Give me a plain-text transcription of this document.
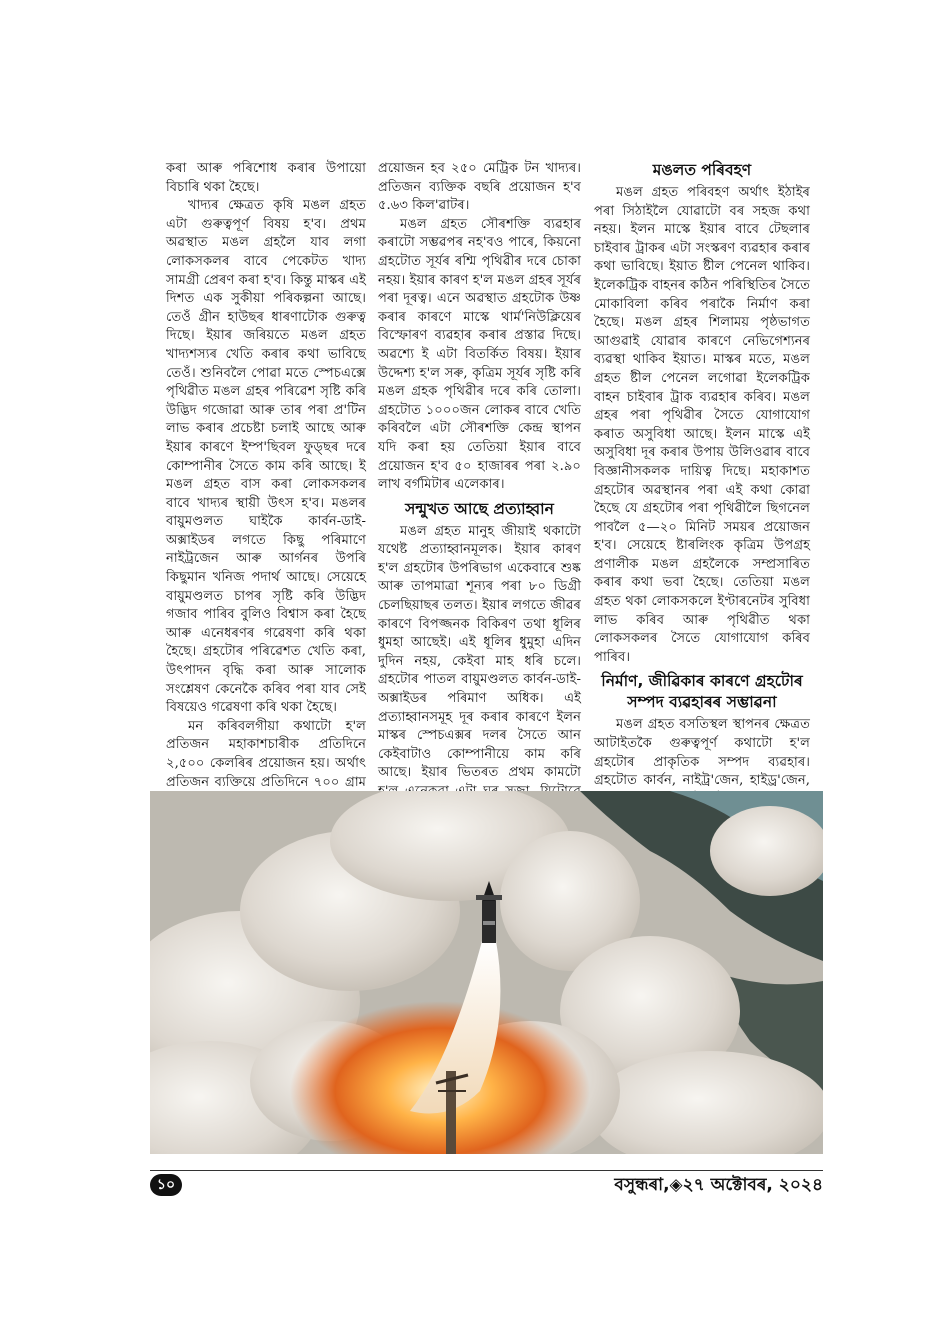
কৰা আৰু পৰিশোধ কৰাৰ উপায়ো বিচাৰি থকা হৈছে।

খাদ্যৰ ক্ষেত্ৰত কৃষি মঙল গ্ৰহত এটা গুৰুত্বপূৰ্ণ বিষয় হ'ব। প্ৰথম অৱস্থাত মঙল গ্ৰহলৈ যাব লগা লোকসকলৰ বাবে পেকেটত খাদ্য সামগ্ৰী প্ৰেৰণ কৰা হ'ব। কিন্তু মাস্কৰ এই দিশত এক সুকীয়া পৰিকল্পনা আছে। তেওঁ গ্ৰীন হাউছৰ ধাৰণাটোক গুৰুত্ব দিছে। ইয়াৰ জৰিয়তে মঙল গ্ৰহত খাদ্যশস্যৰ খেতি কৰাৰ কথা ভাবিছে তেওঁ। শুনিবলৈ পোৱা মতে স্পেচএক্সে পৃথিৱীত মঙল গ্ৰহৰ পৰিৱেশ সৃষ্টি কৰি উদ্ভিদ গজোৱা আৰু তাৰ পৰা প্ৰ'টিন লাভ কৰাৰ প্ৰচেষ্টা চলাই আছে আৰু ইয়াৰ কাৰণে ইম্প'ছিবল ফুড্ছৰ দৰে কোম্পানীৰ সৈতে কাম কৰি আছে। ই মঙল গ্ৰহত বাস কৰা লোকসকলৰ বাবে খাদ্যৰ স্থায়ী উৎস হ'ব। মঙলৰ বায়ুমণ্ডলত ঘাইকৈ কাৰ্বন-ডাই-অক্সাইডৰ লগতে কিছু পৰিমাণে নাইট্ৰজেন আৰু আৰ্গনৰ উপৰি কিছুমান খনিজ পদাৰ্থ আছে। সেয়েহে বায়ুমণ্ডলত চাপৰ সৃষ্টি কৰি উদ্ভিদ গজাব পাৰিব বুলিও বিশ্বাস কৰা হৈছে আৰু এনেধৰণৰ গৱেষণা কৰি থকা হৈছে। গ্ৰহটোৰ পৰিৱেশত খেতি কৰা, উৎপাদন বৃদ্ধি কৰা আৰু সালোক সংশ্লেষণ কেনেকৈ কৰিব পৰা যাব সেই বিষয়েও গৱেষণা কৰি থকা হৈছে।

মন কৰিবলগীয়া কথাটো হ'ল প্ৰতিজন মহাকাশচাৰীক প্ৰতিদিনে ২,৫০০ কেলৰিৰ প্ৰয়োজন হয়। অৰ্থাৎ প্ৰতিজন ব্যক্তিয়ে প্ৰতিদিনে ৭০০ গ্ৰাম

প্ৰয়োজন হব ২৫০ মেট্ৰিক টন খাদ্যৰ। প্ৰতিজন ব্যক্তিক বছৰি প্ৰয়োজন হ'ব ৫.৬৩ কিল'ৱাটৰ।

মঙল গ্ৰহত সৌৰশক্তি ব্যৱহাৰ কৰাটো সম্ভৱপৰ নহ'বও পাৰে, কিয়নো গ্ৰহটোত সূৰ্যৰ ৰশ্মি পৃথিৱীৰ দৰে চোকা নহয়। ইয়াৰ কাৰণ হ'ল মঙল গ্ৰহৰ সূৰ্যৰ পৰা দূৰত্ব। এনে অৱস্থাত গ্ৰহটোক উষ্ণ কৰাৰ কাৰণে মাস্কে থাৰ্ম'নিউক্লিয়েৰ বিস্ফোৰণ ব্যৱহাৰ কৰাৰ প্ৰস্তাৱ দিছে। অৱশ্যে ই এটা বিতৰ্কিত বিষয়। ইয়াৰ উদ্দেশ্য হ'ল সৰু, কৃত্ৰিম সূৰ্যৰ সৃষ্টি কৰি মঙল গ্ৰহক পৃথিৱীৰ দৰে কৰি তোলা। গ্ৰহটোত ১০০০জন লোকৰ বাবে খেতি কৰিবলৈ এটা সৌৰশক্তি কেন্দ্ৰ স্থাপন যদি কৰা হয় তেতিয়া ইয়াৰ বাবে প্ৰয়োজন হ'ব ৫০ হাজাৰৰ পৰা ২.৯০ লাখ বৰ্গমিটাৰ এলেকাৰ।

সন্মুখত আছে প্ৰত্যাহ্বান

মঙল গ্ৰহত মানুহ জীয়াই থকাটো যথেষ্ট প্ৰত্যাহ্বানমূলক। ইয়াৰ কাৰণ হ'ল গ্ৰহটোৰ উপৰিভাগ একেবাৰে শুষ্ক আৰু তাপমাত্ৰা শূন্যৰ পৰা ৮০ ডিগ্ৰী চেলছিয়াছৰ তলত। ইয়াৰ লগতে জীৱৰ কাৰণে বিপজ্জনক বিকিৰণ তথা ধূলিৰ ধুমহা আছেই। এই ধূলিৰ ধুমুহা এদিন দুদিন নহয়, কেইবা মাহ ধৰি চলে। গ্ৰহটোৰ পাতল বায়ুমণ্ডলত কাৰ্বন-ডাই-অক্সাইডৰ পৰিমাণ অধিক। এই প্ৰত্যাহ্বানসমূহ দূৰ কৰাৰ কাৰণে ইলন মাস্কৰ স্পেচএক্সৰ দলৰ সৈতে আন কেইবাটাও কোম্পানীয়ে কাম কৰি আছে। ইয়াৰ ভিতৰত প্ৰথম কামটো

মঙলত পৰিবহণ

মঙল গ্ৰহত পৰিবহণ অৰ্থাৎ ইঠাইৰ পৰা সিঠাইলৈ যোৱাটো বৰ সহজ কথা নহয়। ইলন মাস্কে ইয়াৰ বাবে টেছলাৰ চাইবাৰ ট্ৰাকৰ এটা সংস্কৰণ ব্যৱহাৰ কৰাৰ কথা ভাবিছে। ইয়াত ষ্টীল পেনেল থাকিব। ইলেকট্ৰিক বাহনৰ কঠিন পৰিস্থিতিৰ সৈতে মোকাবিলা কৰিব পৰাকৈ নিৰ্মাণ কৰা হৈছে। মঙল গ্ৰহৰ শিলাময় পৃষ্ঠভাগত আগুৱাই যোৱাৰ কাৰণে নেভিগেশ্যনৰ ব্যৱস্থা থাকিব ইয়াত। মাস্কৰ মতে, মঙল গ্ৰহত ষ্টীল পেনেল লগোৱা ইলেকট্ৰিক বাহন চাইবাৰ ট্ৰাক ব্যৱহাৰ কৰিব। মঙল গ্ৰহৰ পৰা পৃথিৱীৰ সৈতে যোগাযোগ কৰাত অসুবিধা আছে। ইলন মাস্কে এই অসুবিধা দূৰ কৰাৰ উপায় উলিওৱাৰ বাবে বিজ্ঞানীসকলক দায়িত্ব দিছে। মহাকাশত গ্ৰহটোৰ অৱস্থানৰ পৰা এই কথা কোৱা হৈছে যে গ্ৰহটোৰ পৰা পৃথিৱীলৈ ছিগনেল পাবলৈ ৫—২০ মিনিট সময়ৰ প্ৰয়োজন হ'ব। সেয়েহে ষ্টাৰলিংক কৃত্ৰিম উপগ্ৰহ প্ৰণালীক মঙল গ্ৰহলৈকে সম্প্ৰসাৰিত কৰাৰ কথা ভবা হৈছে। তেতিয়া মঙল গ্ৰহত থকা লোকসকলে ইণ্টাৰনেটৰ সুবিধা লাভ কৰিব আৰু পৃথিৱীত থকা লোকসকলৰ সৈতে যোগাযোগ কৰিব পাৰিব।

নিৰ্মাণ, জীৱিকাৰ কাৰণে গ্ৰহটোৰ সম্পদ ব্যৱহাৰৰ সম্ভাৱনা

মঙল গ্ৰহত বসতিস্থল স্থাপনৰ ক্ষেত্ৰত আটাইতকৈ গুৰুত্বপূৰ্ণ কথাটো হ'ল গ্ৰহটোৰ প্ৰাকৃতিক সম্পদ ব্যৱহাৰ। গ্ৰহটোত কাৰ্বন, নাইট্ৰ'জেন, হাইড্ৰ'জেন,

১০	বসুন্ধৰা,◈২৭ অক্টোবৰ, ২০২৪
